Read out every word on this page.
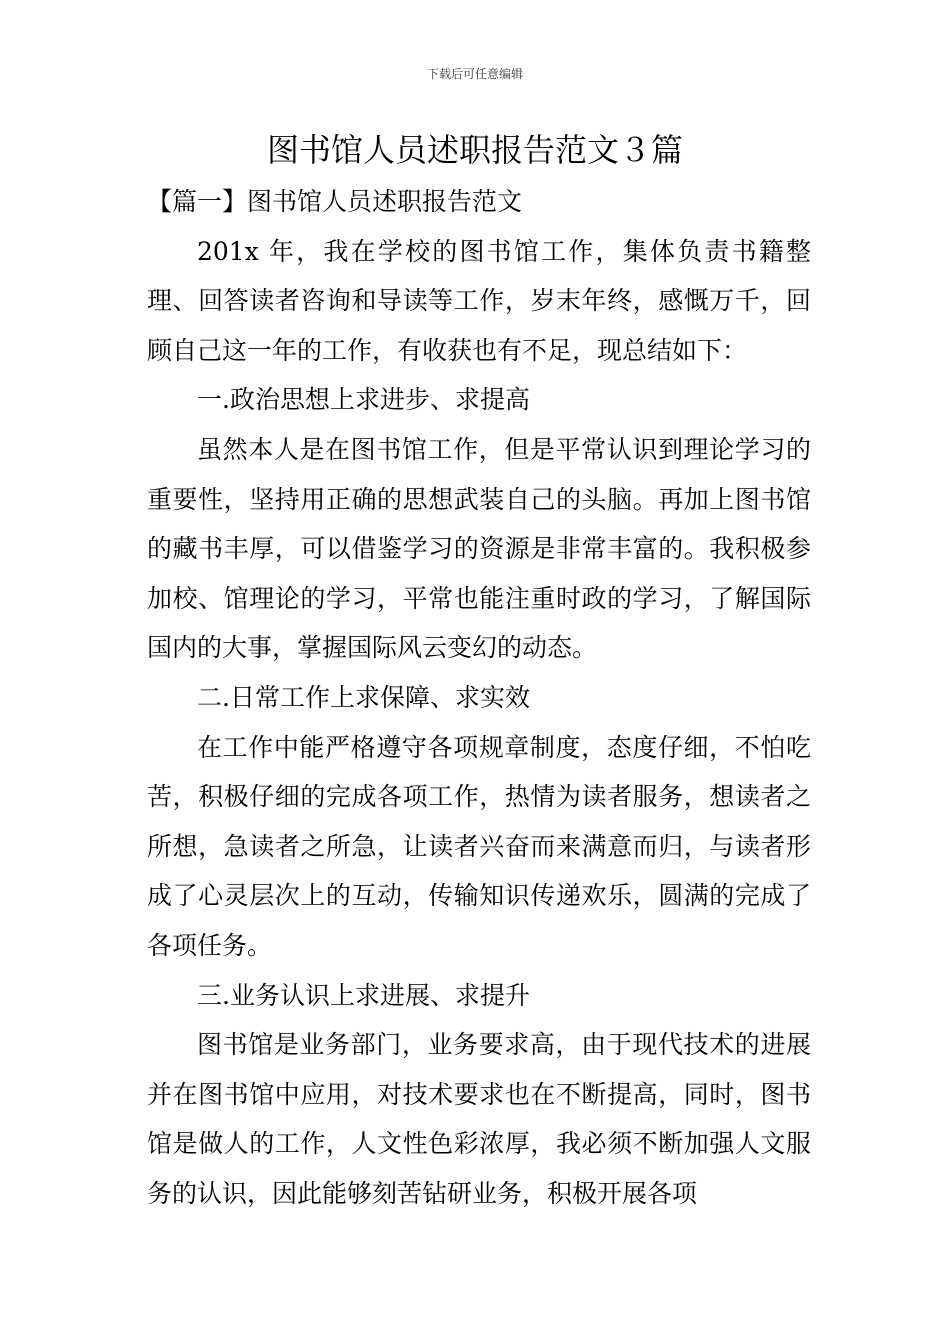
下载后可任意编辑
图书馆人员述职报告范文３篇

【篇一】图书馆人员述职报告范文

201x 年，我在学校的图书馆工作，集体负责书籍整理、回答读者咨询和导读等工作，岁末年终，感慨万千，回顾自己这一年的工作，有收获也有不足，现总结如下：

一.政治思想上求进步、求提高

虽然本人是在图书馆工作，但是平常认识到理论学习的重要性，坚持用正确的思想武装自己的头脑。再加上图书馆的藏书丰厚，可以借鉴学习的资源是非常丰富的。我积极参加校、馆理论的学习，平常也能注重时政的学习，了解国际国内的大事，掌握国际风云变幻的动态。

二.日常工作上求保障、求实效

在工作中能严格遵守各项规章制度，态度仔细，不怕吃苦，积极仔细的完成各项工作，热情为读者服务，想读者之所想，急读者之所急，让读者兴奋而来满意而归，与读者形成了心灵层次上的互动，传输知识传递欢乐，圆满的完成了各项任务。

三.业务认识上求进展、求提升

图书馆是业务部门，业务要求高，由于现代技术的进展并在图书馆中应用，对技术要求也在不断提高，同时，图书馆是做人的工作，人文性色彩浓厚，我必须不断加强人文服务的认识，因此能够刻苦钻研业务，积极开展各项
